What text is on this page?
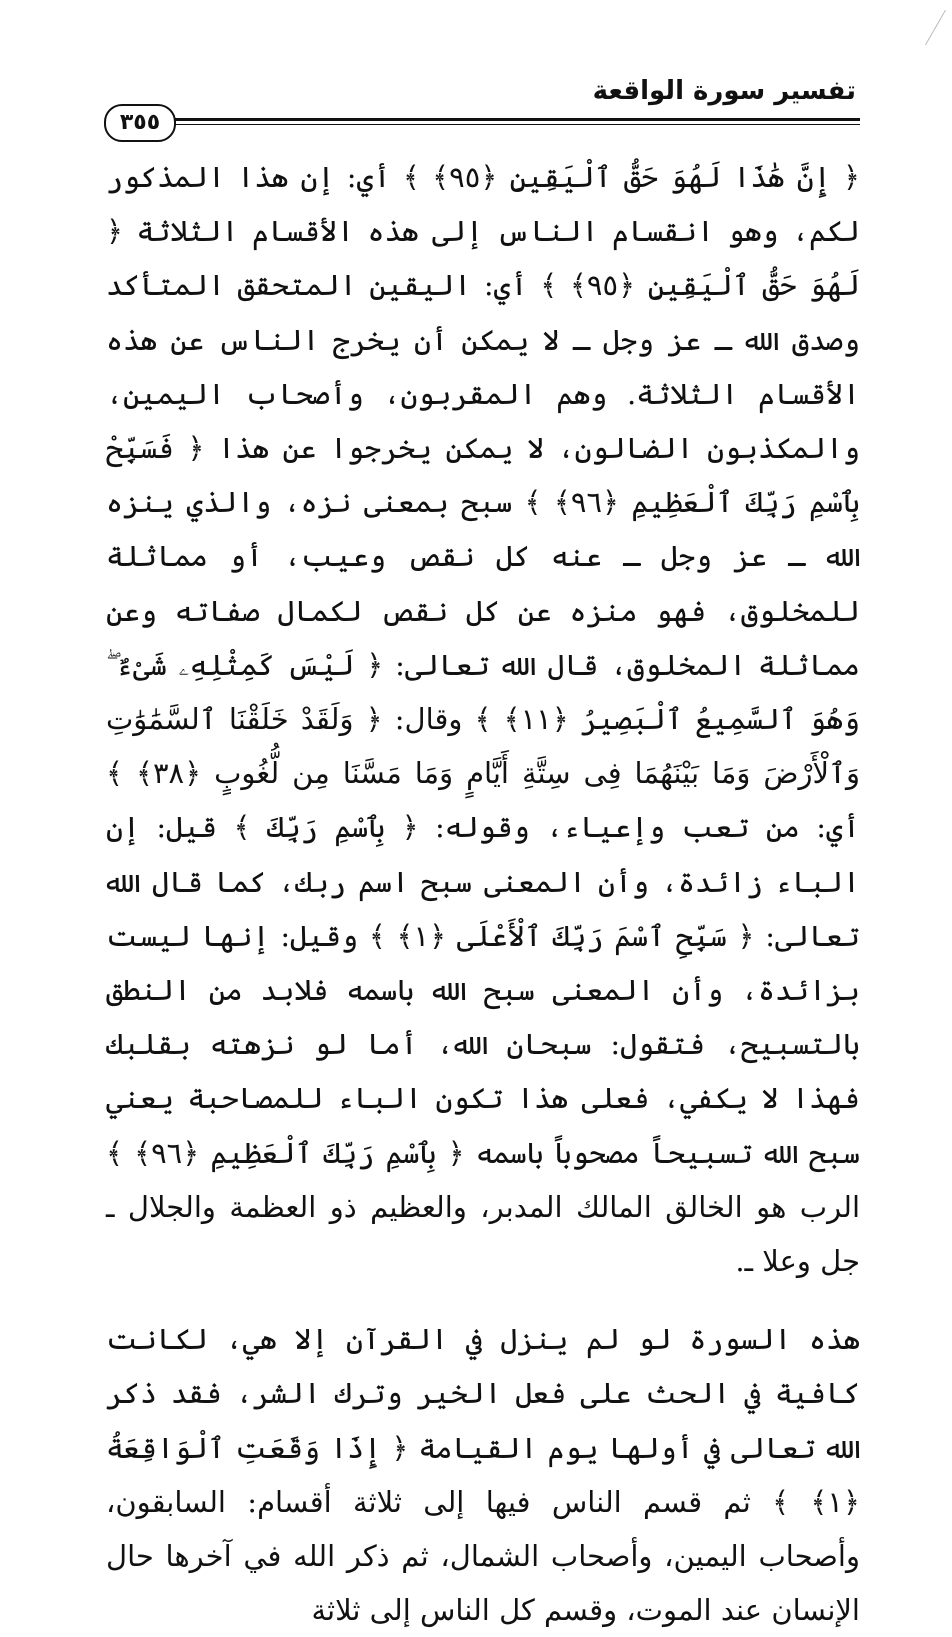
تفسير سورة الواقعة
٣٥٥

﴿ إِنَّ هَٰذَا لَهُوَ حَقُّ ٱلْيَقِينِ ﴿٩٥﴾ ﴾ أي: إن هذا المذكور لكم، وهو انقسام الناس إلى هذه الأقسام الثلاثة ﴿ لَهُوَ حَقُّ ٱلْيَقِينِ ﴿٩٥﴾ ﴾ أي: اليقين المتحقق المتأكد وصدق الله ـ عز وجل ـ لا يمكن أن يخرج الناس عن هذه الأقسام الثلاثة. وهم المقربون، وأصحاب اليمين، والمكذبون الضالون، لا يمكن يخرجوا عن هذا ﴿ فَسَبِّحْ بِٱسْمِ رَبِّكَ ٱلْعَظِيمِ ﴿٩٦﴾ ﴾ سبح بمعنى نزه، والذي ينزه الله ـ عز وجل ـ عنه كل نقص وعيب، أو مماثلة للمخلوق، فهو منزه عن كل نقص لكمال صفاته وعن مماثلة المخلوق، قال الله تعالى: ﴿ لَيْسَ كَمِثْلِهِۦ شَىْءٌ ۖ وَهُوَ ٱلسَّمِيعُ ٱلْبَصِيرُ ﴿١١﴾ ﴾ وقال: ﴿ وَلَقَدْ خَلَقْنَا ٱلسَّمَٰوَٰتِ وَٱلْأَرْضَ وَمَا بَيْنَهُمَا فِى سِتَّةِ أَيَّامٍ وَمَا مَسَّنَا مِن لُّغُوبٍ ﴿٣٨﴾ ﴾ أي: من تعب وإعياء، وقوله: ﴿ بِٱسْمِ رَبِّكَ ﴾ قيل: إن الباء زائدة، وأن المعنى سبح اسم ربك، كما قال الله تعالى: ﴿ سَبِّحِ ٱسْمَ رَبِّكَ ٱلْأَعْلَى ﴿١﴾ ﴾ وقيل: إنها ليست بزائدة، وأن المعنى سبح الله باسمه فلابد من النطق بالتسبيح، فتقول: سبحان الله، أما لو نزهته بقلبك فهذا لا يكفي، فعلى هذا تكون الباء للمصاحبة يعني سبح الله تسبيحاً مصحوباً باسمه ﴿ بِٱسْمِ رَبِّكَ ٱلْعَظِيمِ ﴿٩٦﴾ ﴾ الرب هو الخالق المالك المدبر، والعظيم ذو العظمة والجلال ـ جل وعلا ـ.

هذه السورة لو لم ينزل في القرآن إلا هي، لكانت كافية في الحث على فعل الخير وترك الشر، فقد ذكر الله تعالى في أولها يوم القيامة ﴿ إِذَا وَقَعَتِ ٱلْوَاقِعَةُ ﴿١﴾ ﴾ ثم قسم الناس فيها إلى ثلاثة أقسام: السابقون، وأصحاب اليمين، وأصحاب الشمال، ثم ذكر الله في آخرها حال الإنسان عند الموت، وقسم كل الناس إلى ثلاثة
